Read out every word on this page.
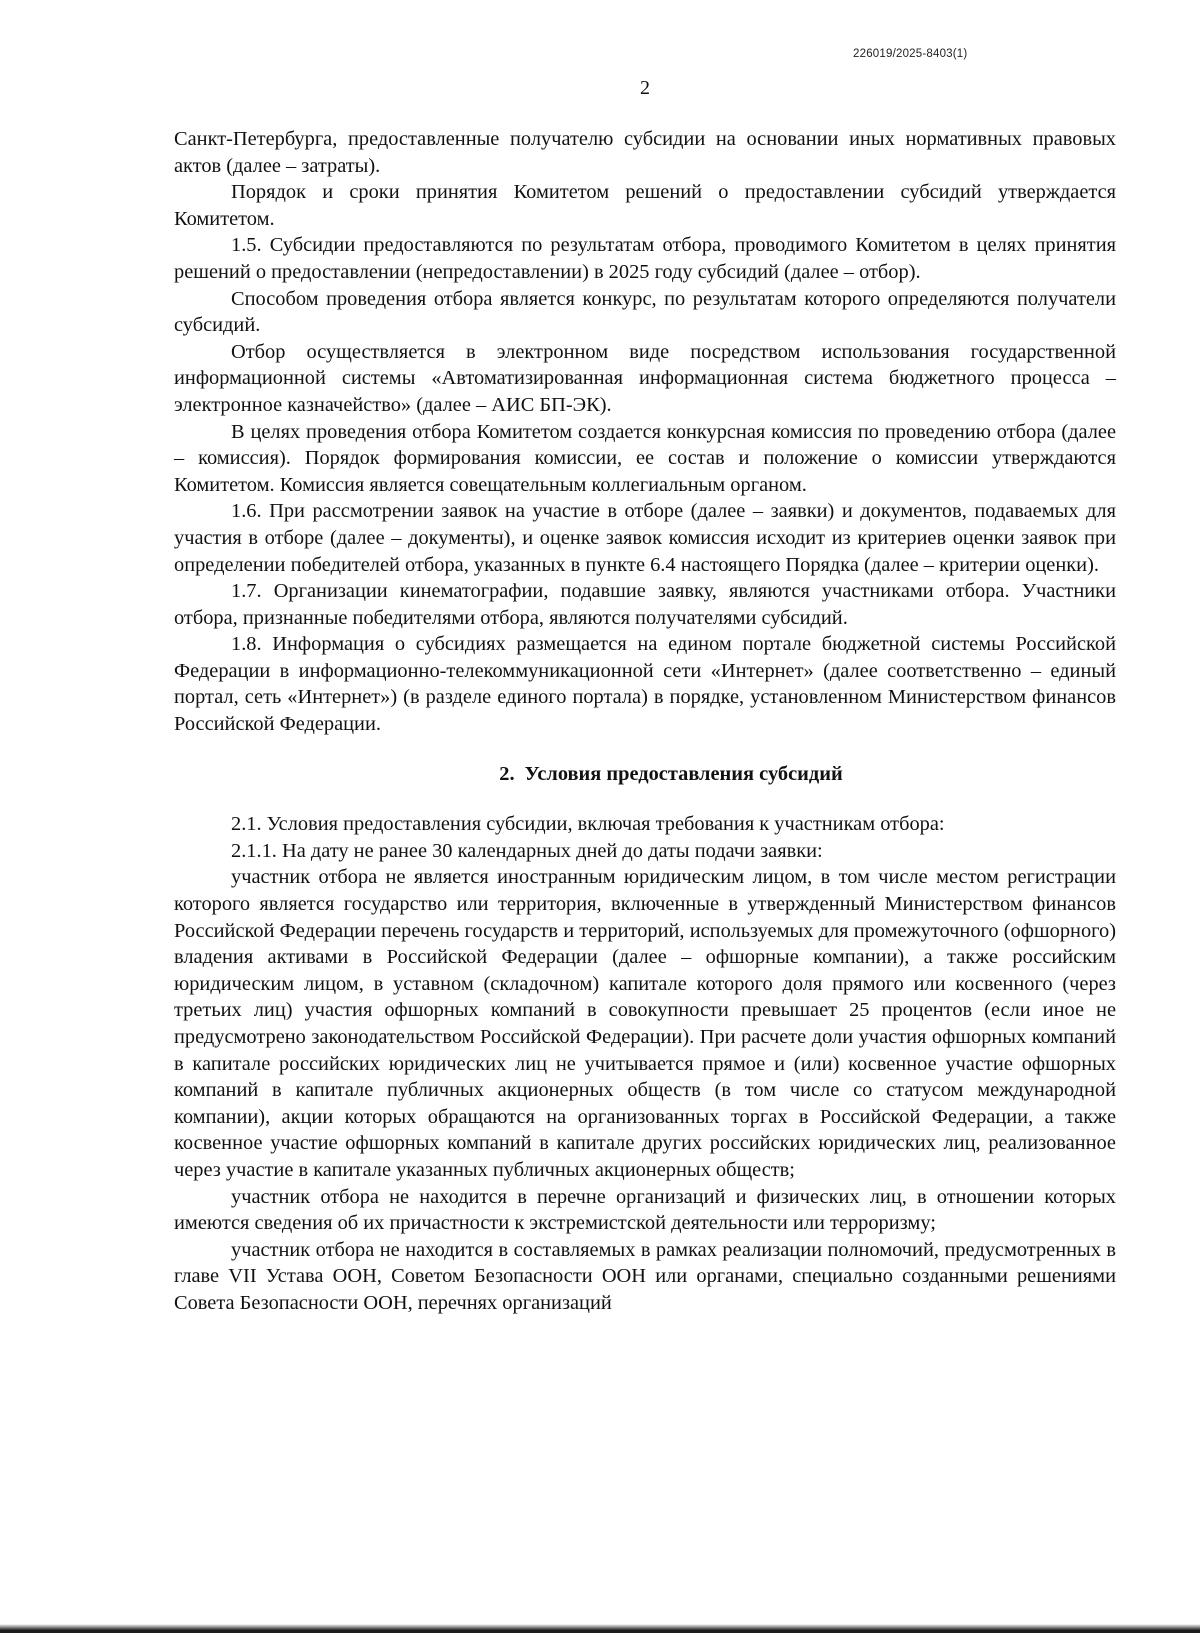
226019/2025-8403(1)
2

Санкт-Петербурга, предоставленные получателю субсидии на основании иных нормативных правовых актов (далее – затраты).

Порядок и сроки принятия Комитетом решений о предоставлении субсидий утверждается Комитетом.

1.5. Субсидии предоставляются по результатам отбора, проводимого Комитетом в целях принятия решений о предоставлении (непредоставлении) в 2025 году субсидий (далее – отбор).

Способом проведения отбора является конкурс, по результатам которого определяются получатели субсидий.

Отбор осуществляется в электронном виде посредством использования государственной информационной системы «Автоматизированная информационная система бюджетного процесса – электронное казначейство» (далее – АИС БП-ЭК).

В целях проведения отбора Комитетом создается конкурсная комиссия по проведению отбора (далее – комиссия). Порядок формирования комиссии, ее состав и положение о комиссии утверждаются Комитетом. Комиссия является совещательным коллегиальным органом.

1.6. При рассмотрении заявок на участие в отборе (далее – заявки) и документов, подаваемых для участия в отборе (далее – документы), и оценке заявок комиссия исходит из критериев оценки заявок при определении победителей отбора, указанных в пункте 6.4 настоящего Порядка (далее – критерии оценки).

1.7. Организации кинематографии, подавшие заявку, являются участниками отбора. Участники отбора, признанные победителями отбора, являются получателями субсидий.

1.8. Информация о субсидиях размещается на едином портале бюджетной системы Российской Федерации в информационно-телекоммуникационной сети «Интернет» (далее соответственно – единый портал, сеть «Интернет») (в разделе единого портала) в порядке, установленном Министерством финансов Российской Федерации.

2. Условия предоставления субсидий

2.1. Условия предоставления субсидии, включая требования к участникам отбора:

2.1.1. На дату не ранее 30 календарных дней до даты подачи заявки:

участник отбора не является иностранным юридическим лицом, в том числе местом регистрации которого является государство или территория, включенные в утвержденный Министерством финансов Российской Федерации перечень государств и территорий, используемых для промежуточного (офшорного) владения активами в Российской Федерации (далее – офшорные компании), а также российским юридическим лицом, в уставном (складочном) капитале которого доля прямого или косвенного (через третьих лиц) участия офшорных компаний в совокупности превышает 25 процентов (если иное не предусмотрено законодательством Российской Федерации). При расчете доли участия офшорных компаний в капитале российских юридических лиц не учитывается прямое и (или) косвенное участие офшорных компаний в капитале публичных акционерных обществ (в том числе со статусом международной компании), акции которых обращаются на организованных торгах в Российской Федерации, а также косвенное участие офшорных компаний в капитале других российских юридических лиц, реализованное через участие в капитале указанных публичных акционерных обществ;

участник отбора не находится в перечне организаций и физических лиц, в отношении которых имеются сведения об их причастности к экстремистской деятельности или терроризму;

участник отбора не находится в составляемых в рамках реализации полномочий, предусмотренных в главе VII Устава ООН, Советом Безопасности ООН или органами, специально созданными решениями Совета Безопасности ООН, перечнях организаций
